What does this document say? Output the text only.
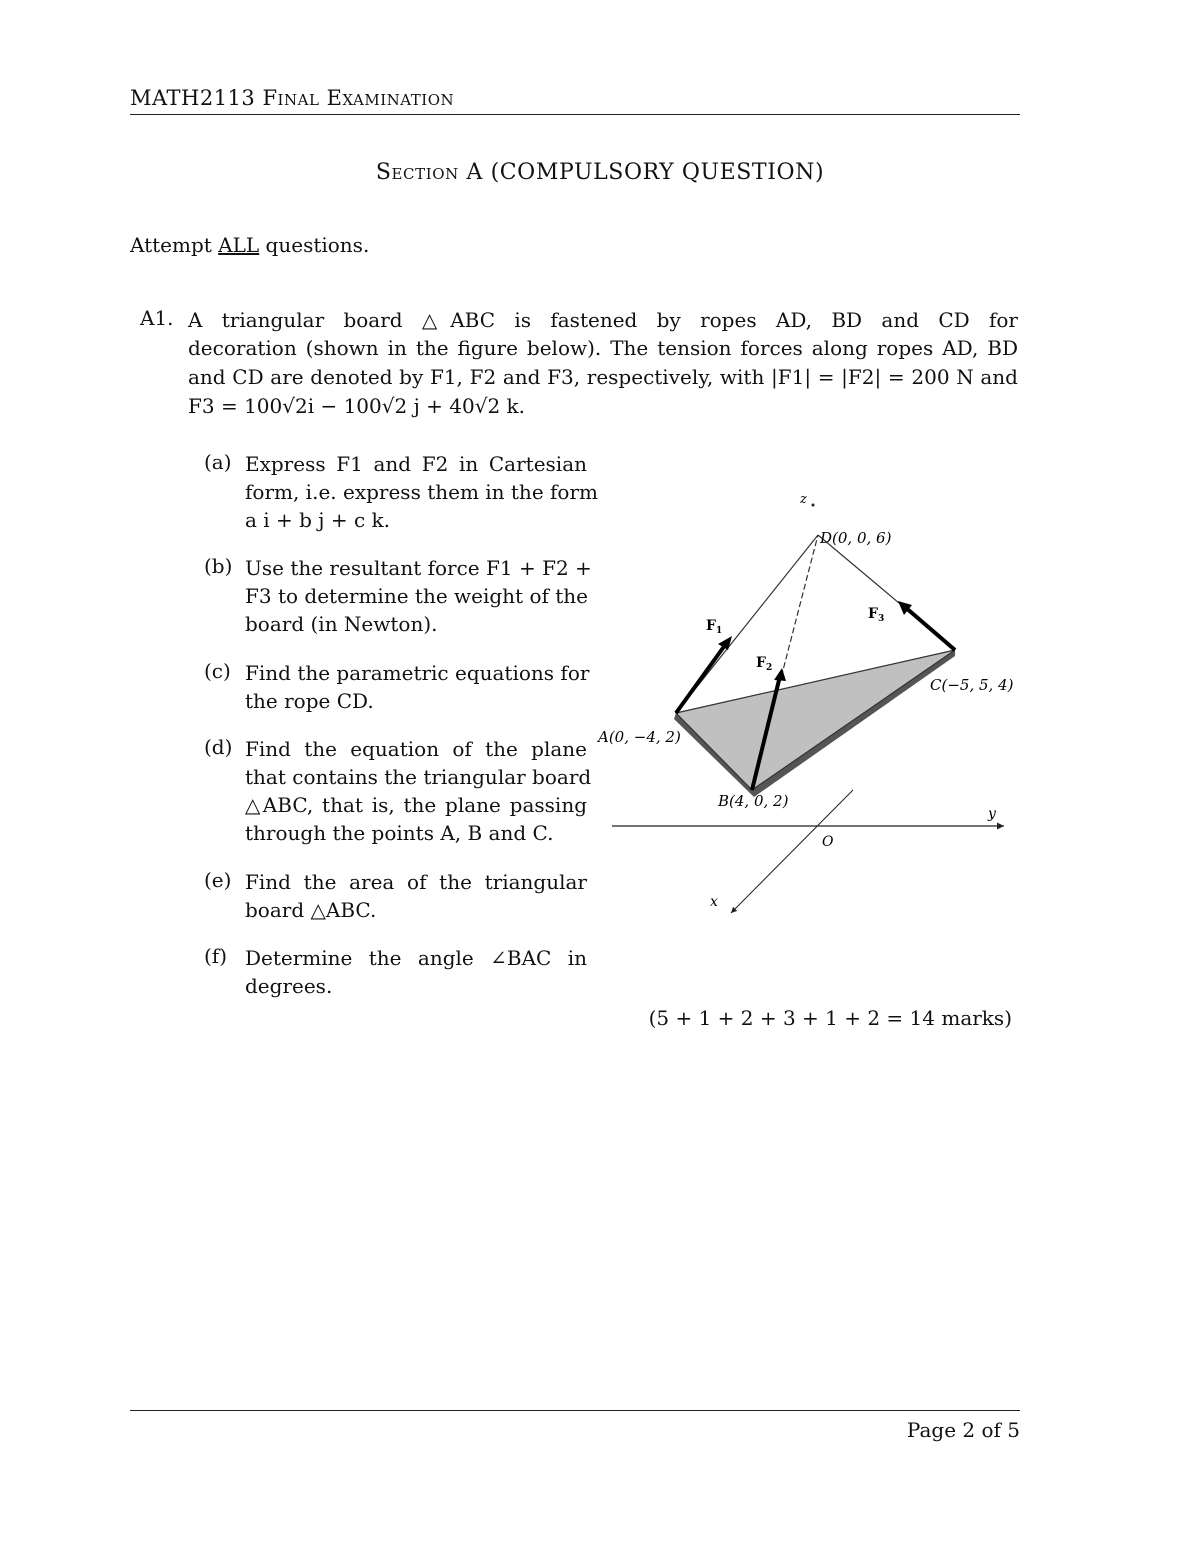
MATH2113 Final Examination
Section A (COMPULSORY QUESTION)
Attempt ALL questions.
A1. A triangular board △ABC is fastened by ropes AD, BD and CD for
decoration (shown in the figure below). The tension forces along ropes AD, BD
and CD are denoted by F1, F2 and F3, respectively, with |F1| = |F2| = 200 N and
F3 = 100√2i − 100√2 j + 40√2 k.
(a) Express F1 and F2 in Cartesian
form, i.e. express them in the form
a i + b j + c k.
(b) Use the resultant force F1 + F2 +
F3 to determine the weight of the
board (in Newton).
(c) Find the parametric equations for
the rope CD.
(d) Find the equation of the plane
that contains the triangular board
△ABC, that is, the plane passing
through the points A, B and C.
(e) Find the area of the triangular
board △ABC.
(f) Determine the angle ∠BAC in
degrees.
z
D(0, 0, 6)
C(−5, 5, 4)
A(0, −4, 2)
B(4, 0, 2)
$F_1$
$F_2$
$F_3$
y
O
x
(5 + 1 + 2 + 3 + 1 + 2 = 14 marks)
Page 2 of 5
